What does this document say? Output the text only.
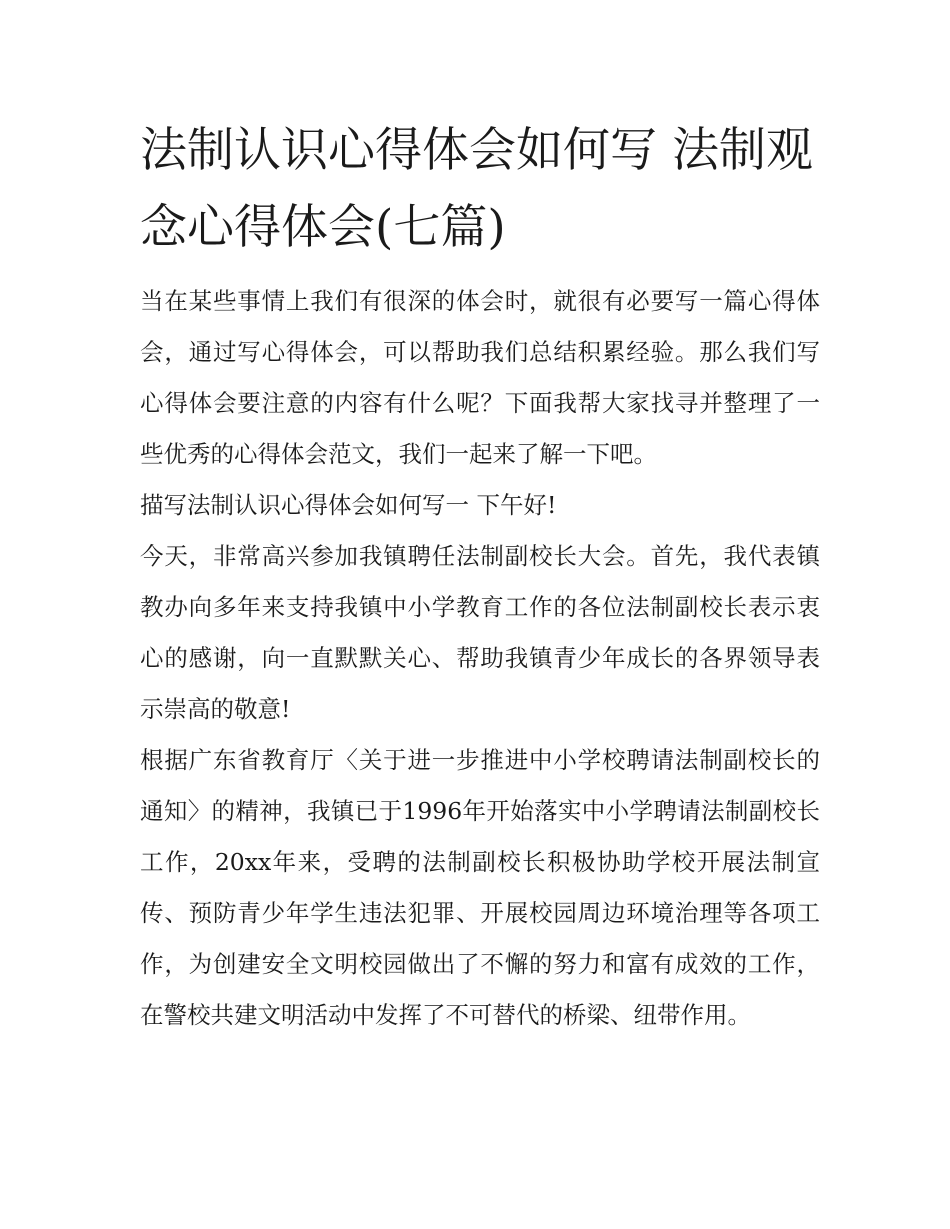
法制认识心得体会如何写 法制观念心得体会(七篇)

当在某些事情上我们有很深的体会时，就很有必要写一篇心得体会，通过写心得体会，可以帮助我们总结积累经验。那么我们写心得体会要注意的内容有什么呢？下面我帮大家找寻并整理了一些优秀的心得体会范文，我们一起来了解一下吧。

描写法制认识心得体会如何写一 下午好!

今天，非常高兴参加我镇聘任法制副校长大会。首先，我代表镇教办向多年来支持我镇中小学教育工作的各位法制副校长表示衷心的感谢，向一直默默关心、帮助我镇青少年成长的各界领导表示崇高的敬意!

根据广东省教育厅〈关于进一步推进中小学校聘请法制副校长的通知〉的精神，我镇已于1996年开始落实中小学聘请法制副校长工作，20xx年来，受聘的法制副校长积极协助学校开展法制宣传、预防青少年学生违法犯罪、开展校园周边环境治理等各项工作，为创建安全文明校园做出了不懈的努力和富有成效的工作，在警校共建文明活动中发挥了不可替代的桥梁、纽带作用。
